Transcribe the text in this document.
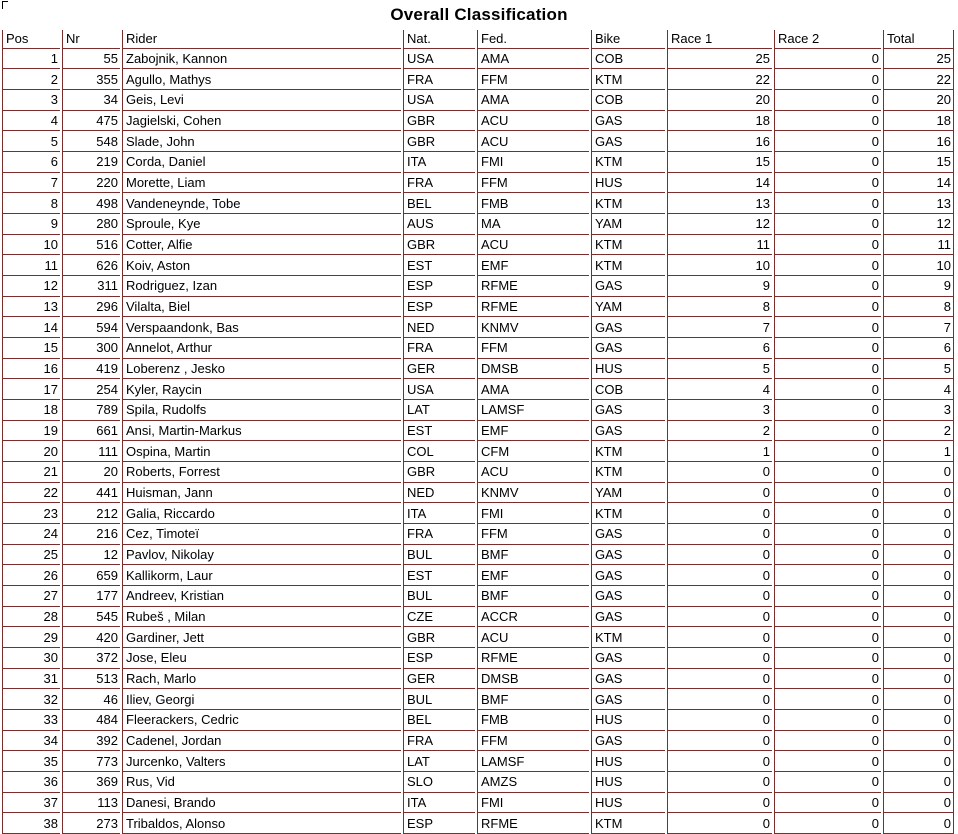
Overall Classification
Pos	Nr	Rider	Nat.	Fed.	Bike	Race 1	Race 2	Total
1	55	Zabojnik, Kannon	USA	AMA	COB	25	0	25
2	355	Agullo, Mathys	FRA	FFM	KTM	22	0	22
3	34	Geis, Levi	USA	AMA	COB	20	0	20
4	475	Jagielski, Cohen	GBR	ACU	GAS	18	0	18
5	548	Slade, John	GBR	ACU	GAS	16	0	16
6	219	Corda, Daniel	ITA	FMI	KTM	15	0	15
7	220	Morette, Liam	FRA	FFM	HUS	14	0	14
8	498	Vandeneynde, Tobe	BEL	FMB	KTM	13	0	13
9	280	Sproule, Kye	AUS	MA	YAM	12	0	12
10	516	Cotter, Alfie	GBR	ACU	KTM	11	0	11
11	626	Koiv, Aston	EST	EMF	KTM	10	0	10
12	311	Rodriguez, Izan	ESP	RFME	GAS	9	0	9
13	296	Vilalta, Biel	ESP	RFME	YAM	8	0	8
14	594	Verspaandonk, Bas	NED	KNMV	GAS	7	0	7
15	300	Annelot, Arthur	FRA	FFM	GAS	6	0	6
16	419	Loberenz , Jesko	GER	DMSB	HUS	5	0	5
17	254	Kyler, Raycin	USA	AMA	COB	4	0	4
18	789	Spila, Rudolfs	LAT	LAMSF	GAS	3	0	3
19	661	Ansi, Martin-Markus	EST	EMF	GAS	2	0	2
20	111	Ospina, Martin	COL	CFM	KTM	1	0	1
21	20	Roberts, Forrest	GBR	ACU	KTM	0	0	0
22	441	Huisman, Jann	NED	KNMV	YAM	0	0	0
23	212	Galia, Riccardo	ITA	FMI	KTM	0	0	0
24	216	Cez, Timoteï	FRA	FFM	GAS	0	0	0
25	12	Pavlov, Nikolay	BUL	BMF	GAS	0	0	0
26	659	Kallikorm, Laur	EST	EMF	GAS	0	0	0
27	177	Andreev, Kristian	BUL	BMF	GAS	0	0	0
28	545	Rubeš , Milan	CZE	ACCR	GAS	0	0	0
29	420	Gardiner, Jett	GBR	ACU	KTM	0	0	0
30	372	Jose, Eleu	ESP	RFME	GAS	0	0	0
31	513	Rach, Marlo	GER	DMSB	GAS	0	0	0
32	46	Iliev, Georgi	BUL	BMF	GAS	0	0	0
33	484	Fleerackers, Cedric	BEL	FMB	HUS	0	0	0
34	392	Cadenel, Jordan	FRA	FFM	GAS	0	0	0
35	773	Jurcenko, Valters	LAT	LAMSF	HUS	0	0	0
36	369	Rus, Vid	SLO	AMZS	HUS	0	0	0
37	113	Danesi, Brando	ITA	FMI	HUS	0	0	0
38	273	Tribaldos, Alonso	ESP	RFME	KTM	0	0	0
